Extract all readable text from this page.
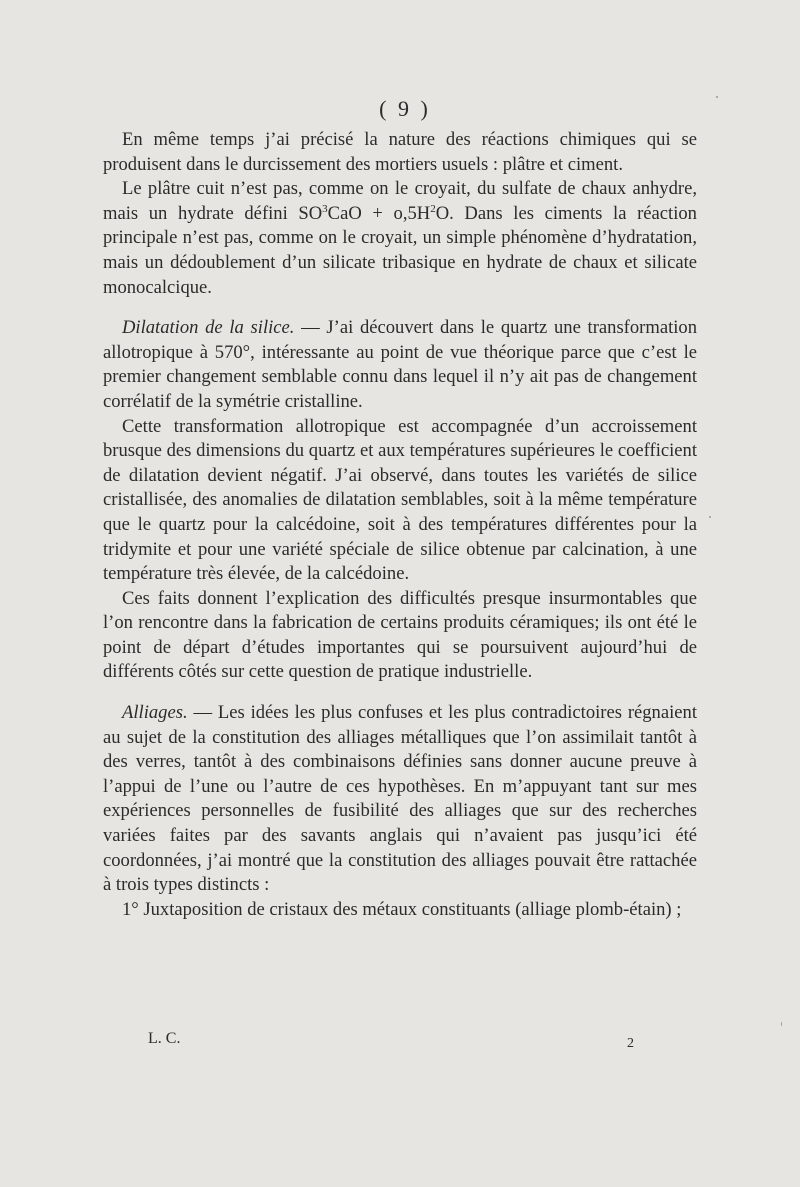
( 9 )

En même temps j’ai précisé la nature des réactions chimiques qui se produisent dans le durcissement des mortiers usuels : plâtre et ciment.

Le plâtre cuit n’est pas, comme on le croyait, du sulfate de chaux anhydre, mais un hydrate défini $SO^3CaO + o,5H^2O$. Dans les ciments la réaction principale n’est pas, comme on le croyait, un simple phénomène d’hydratation, mais un dédoublement d’un silicate tribasique en hydrate de chaux et silicate monocalcique.

Dilatation de la silice. — J’ai découvert dans le quartz une transformation allotropique à 570°, intéressante au point de vue théorique parce que c’est le premier changement semblable connu dans lequel il n’y ait pas de changement corrélatif de la symétrie cristalline.

Cette transformation allotropique est accompagnée d’un accroissement brusque des dimensions du quartz et aux températures supérieures le coefficient de dilatation devient négatif. J’ai observé, dans toutes les variétés de silice cristallisée, des anomalies de dilatation semblables, soit à la même température que le quartz pour la calcédoine, soit à des températures différentes pour la tridymite et pour une variété spéciale de silice obtenue par calcination, à une température très élevée, de la calcédoine.

Ces faits donnent l’explication des difficultés presque insurmontables que l’on rencontre dans la fabrication de certains produits céramiques; ils ont été le point de départ d’études importantes qui se poursuivent aujourd’hui de différents côtés sur cette question de pratique industrielle.

Alliages. — Les idées les plus confuses et les plus contradictoires régnaient au sujet de la constitution des alliages métalliques que l’on assimilait tantôt à des verres, tantôt à des combinaisons définies sans donner aucune preuve à l’appui de l’une ou l’autre de ces hypothèses. En m’appuyant tant sur mes expériences personnelles de fusibilité des alliages que sur des recherches variées faites par des savants anglais qui n’avaient pas jusqu’ici été coordonnées, j’ai montré que la constitution des alliages pouvait être rattachée à trois types distincts :

1° Juxtaposition de cristaux des métaux constituants (alliage plomb-étain) ;

L. C.	2
